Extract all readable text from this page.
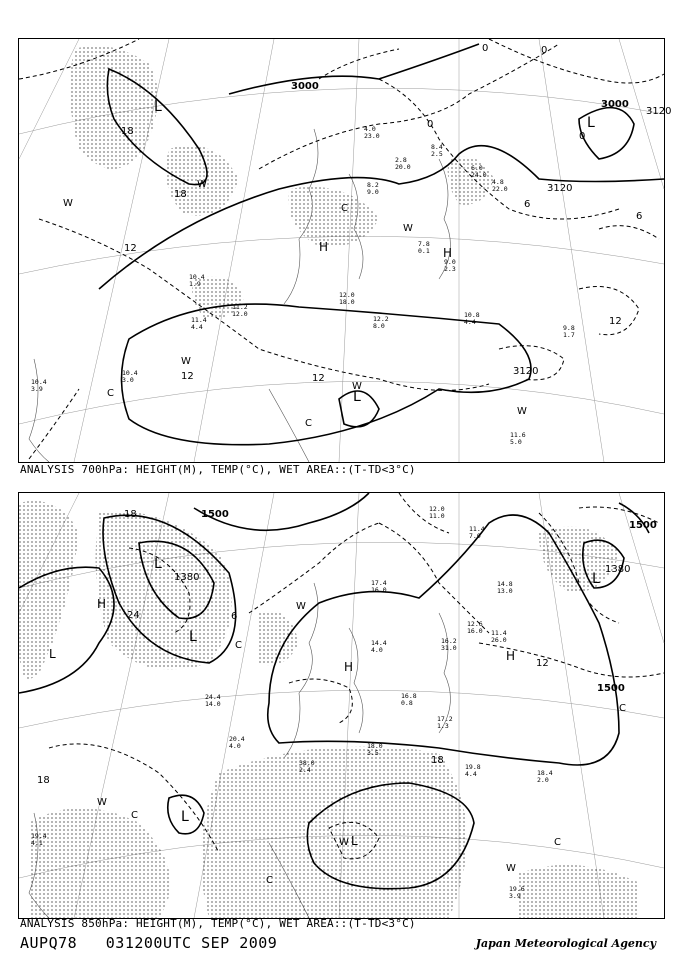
3000
3000
3120
3120
3120
18
18
12
12
12
12
0
0	0
0
6
6
L
L
L
H	H
W
W
W
W
W
W
C
C
C
10.4
3.9
10.4
3.0
10.4
1.9
11.4
4.4
11.2
12.0
12.0
18.0
12.2
8.0
10.8
4.4
9.8
1.7
11.6
5.0
7.8
0.1
8.2
9.0
2.8
20.0
4.0
23.0
6.0
24.0
4.8
22.0
9.0
2.3
8.4
2.5
ANALYSIS 700hPa: HEIGHT(M), TEMP(°C), WET AREA::(T-TD<3°C)
1500
1500
1500
1380
1380
18
18
18
24
12
6
L
L
L
L
L
L
H
H
H
W
W
W
W
C
C
C
C
C
12.0
11.0
11.4
7.0
14.8
13.0
12.6
16.0 11.4
26.0
16.2
31.0
14.4
4.0
17.4
16.0
18.0
3.5
17.2
1.3
16.8
0.8
19.8
4.4	18.4
2.0
19.6
3.9
19.4
4.1
20.4
4.0
24.4
14.0
38.0
2.4
ANALYSIS 850hPa: HEIGHT(M), TEMP(°C), WET AREA::(T-TD<3°C)
AUPQ78   031200UTC SEP 2009	Japan Meteorological Agency
